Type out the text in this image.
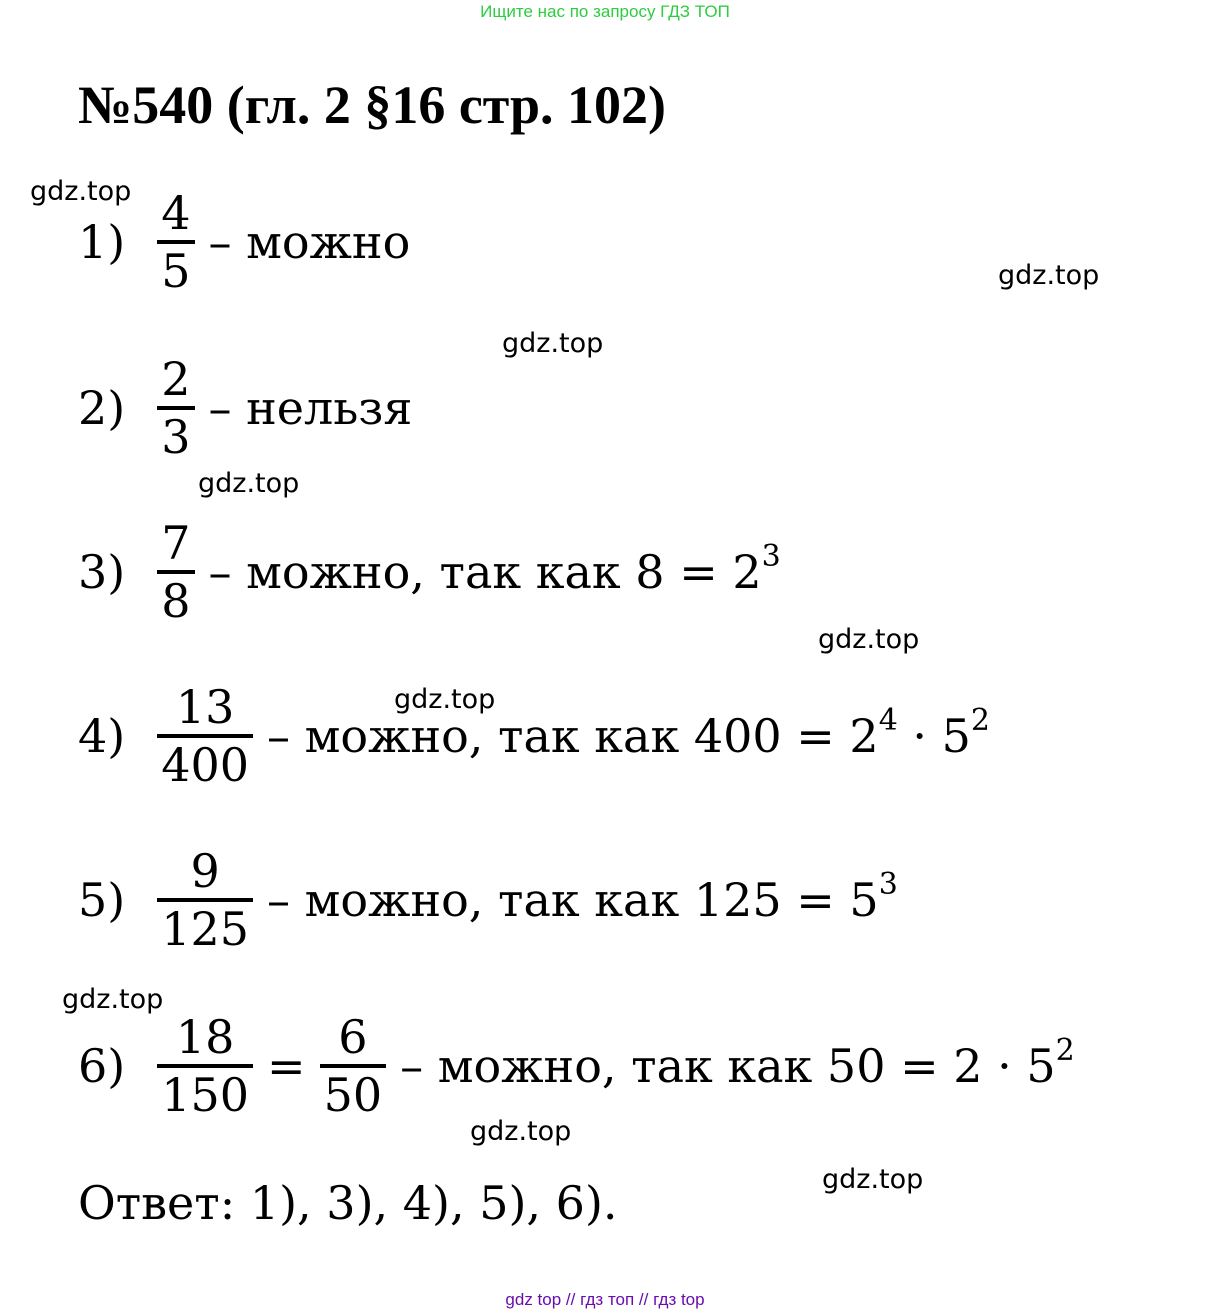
Ищите нас по запросу ГДЗ ТОП
№540 (гл. 2 §16 стр. 102)
gdz.top
gdz.top
gdz.top
gdz.top
gdz.top
gdz.top
gdz.top
gdz.top
gdz.top
$1) \frac{4}{5}$ – можно
$2) \frac{2}{3}$ – нельзя
$3) \frac{7}{8}$ – можно, так как $8 = 2^3$
$4) \frac{13}{400}$ – можно, так как $400 = 2^4 \cdot 5^2$
$5) \frac{9}{125}$ – можно, так как $125 = 5^3$
$6) \frac{18}{150} = \frac{6}{50}$ – можно, так как $50 = 2 \cdot 5^2$
Ответ: 1), 3), 4), 5), 6).
gdz top // гдз топ // гдз top
